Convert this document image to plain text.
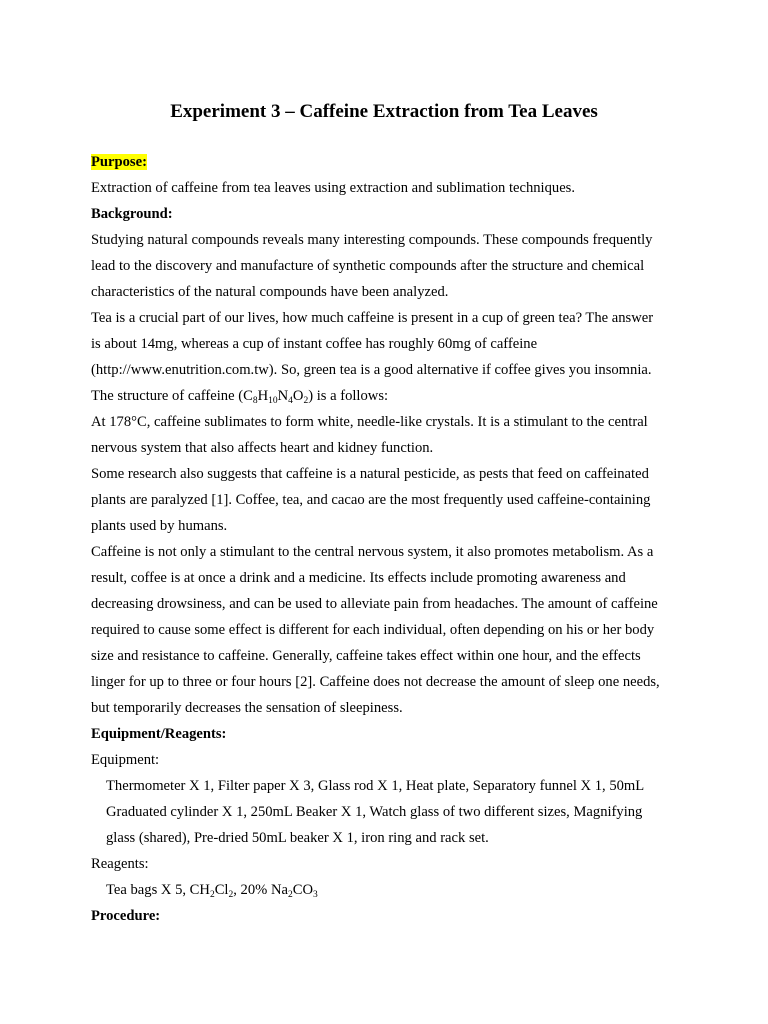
Experiment 3 – Caffeine Extraction from Tea Leaves
Purpose:
Extraction of caffeine from tea leaves using extraction and sublimation techniques.
Background:
Studying natural compounds reveals many interesting compounds. These compounds frequently
lead to the discovery and manufacture of synthetic compounds after the structure and chemical
characteristics of the natural compounds have been analyzed.
Tea is a crucial part of our lives, how much caffeine is present in a cup of green tea? The answer
is about 14mg, whereas a cup of instant coffee has roughly 60mg of caffeine
(http://www.enutrition.com.tw). So, green tea is a good alternative if coffee gives you insomnia.
The structure of caffeine $(C_8H_{10}N_4O_2)$ is a follows:
At 178°C, caffeine sublimates to form white, needle-like crystals. It is a stimulant to the central
nervous system that also affects heart and kidney function.
Some research also suggests that caffeine is a natural pesticide, as pests that feed on caffeinated
plants are paralyzed [1]. Coffee, tea, and cacao are the most frequently used caffeine-containing
plants used by humans.
Caffeine is not only a stimulant to the central nervous system, it also promotes metabolism. As a
result, coffee is at once a drink and a medicine. Its effects include promoting awareness and
decreasing drowsiness, and can be used to alleviate pain from headaches. The amount of caffeine
required to cause some effect is different for each individual, often depending on his or her body
size and resistance to caffeine. Generally, caffeine takes effect within one hour, and the effects
linger for up to three or four hours [2]. Caffeine does not decrease the amount of sleep one needs,
but temporarily decreases the sensation of sleepiness.
Equipment/Reagents:
Equipment:
Thermometer X 1, Filter paper X 3, Glass rod X 1, Heat plate, Separatory funnel X 1, 50mL
Graduated cylinder X 1, 250mL Beaker X 1, Watch glass of two different sizes, Magnifying
glass (shared), Pre-dried 50mL beaker X 1, iron ring and rack set.
Reagents:
Tea bags X 5, $CH_2Cl_2$, 20% $Na_2CO_3$
Procedure:
